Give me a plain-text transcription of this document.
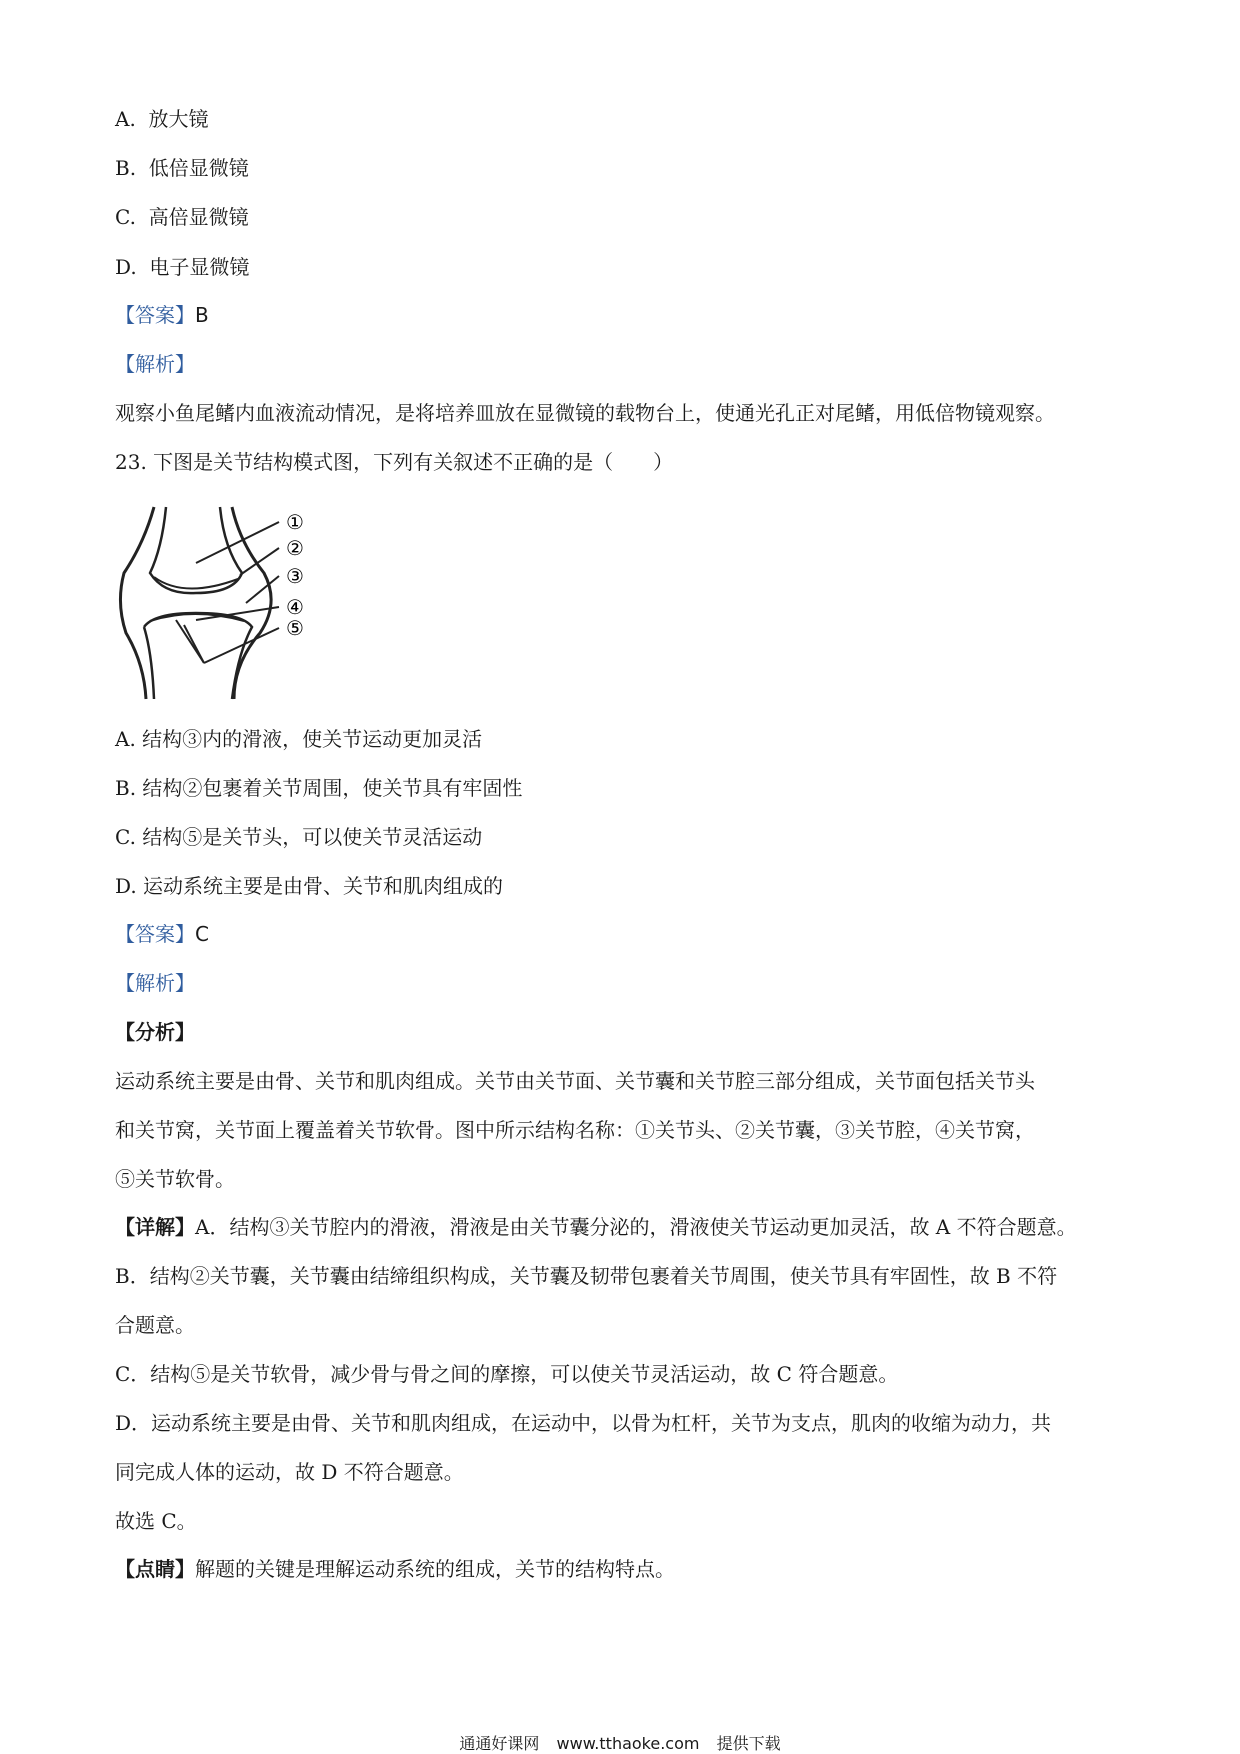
A. 放大镜
B. 低倍显微镜
C. 高倍显微镜
D. 电子显微镜
【答案】B
【解析】
观察小鱼尾鳍内血液流动情况，是将培养皿放在显微镜的载物台上，使通光孔正对尾鳍，用低倍物镜观察。
23. 下图是关节结构模式图，下列有关叙述不正确的是（　　）
①
②
③
④
⑤
A. 结构③内的滑液，使关节运动更加灵活
B. 结构②包裹着关节周围，使关节具有牢固性
C. 结构⑤是关节头，可以使关节灵活运动
D. 运动系统主要是由骨、关节和肌肉组成的
【答案】C
【解析】
【分析】
运动系统主要是由骨、关节和肌肉组成。关节由关节面、关节囊和关节腔三部分组成，关节面包括关节头
和关节窝，关节面上覆盖着关节软骨。图中所示结构名称：①关节头、②关节囊，③关节腔，④关节窝，
⑤关节软骨。
【详解】A．结构③关节腔内的滑液，滑液是由关节囊分泌的，滑液使关节运动更加灵活，故 A 不符合题意。
B．结构②关节囊，关节囊由结缔组织构成，关节囊及韧带包裹着关节周围，使关节具有牢固性，故 B 不符
合题意。
C．结构⑤是关节软骨，减少骨与骨之间的摩擦，可以使关节灵活运动，故 C 符合题意。
D．运动系统主要是由骨、关节和肌肉组成，在运动中，以骨为杠杆，关节为支点，肌肉的收缩为动力，共
同完成人体的运动，故 D 不符合题意。
故选 C。
【点睛】解题的关键是理解运动系统的组成，关节的结构特点。
通通好课网 www.tthaoke.com 提供下载
